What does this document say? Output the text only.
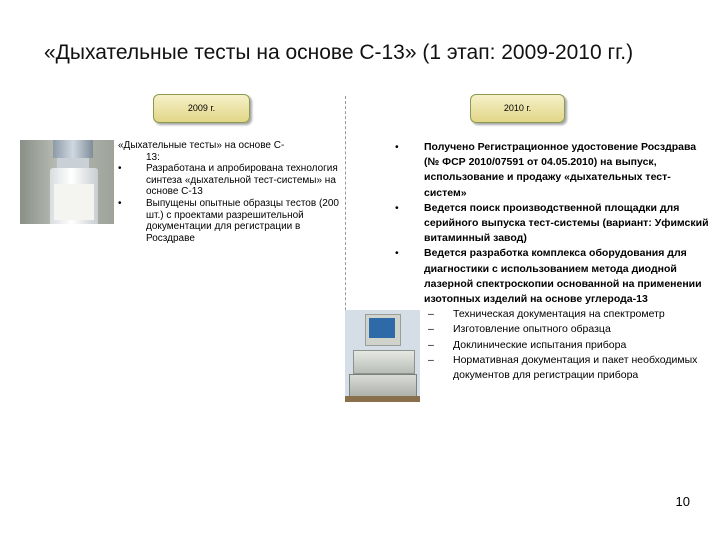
«Дыхательные тесты на основе С-13» (1 этап: 2009-2010 гг.)
2009 г.	2010 г.
«Дыхательные тесты» на основе С-
13:
• Разработана и апробирована технология синтеза «дыхательной тест-системы» на основе С-13
• Выпущены опытные образцы тестов (200 шт.) с проектами разрешительной документации для регистрации в Росздраве
• Получено Регистрационное удостовение Росздрава (№ ФСР 2010/07591 от 04.05.2010) на выпуск, использование и продажу «дыхательных тест-систем»
• Ведется поиск производственной площадки для серийного выпуска тест-системы (вариант: Уфимский витаминный завод)
• Ведется разработка комплекса оборудования для диагностики с использованием метода диодной лазерной спектроскопии основанной на применении изотопных изделий на основе углерода-13
– Техническая документация на спектрометр
– Изготовление опытного образца
– Доклинические испытания прибора
– Нормативная документация и пакет необходимых документов для регистрации прибора
10
